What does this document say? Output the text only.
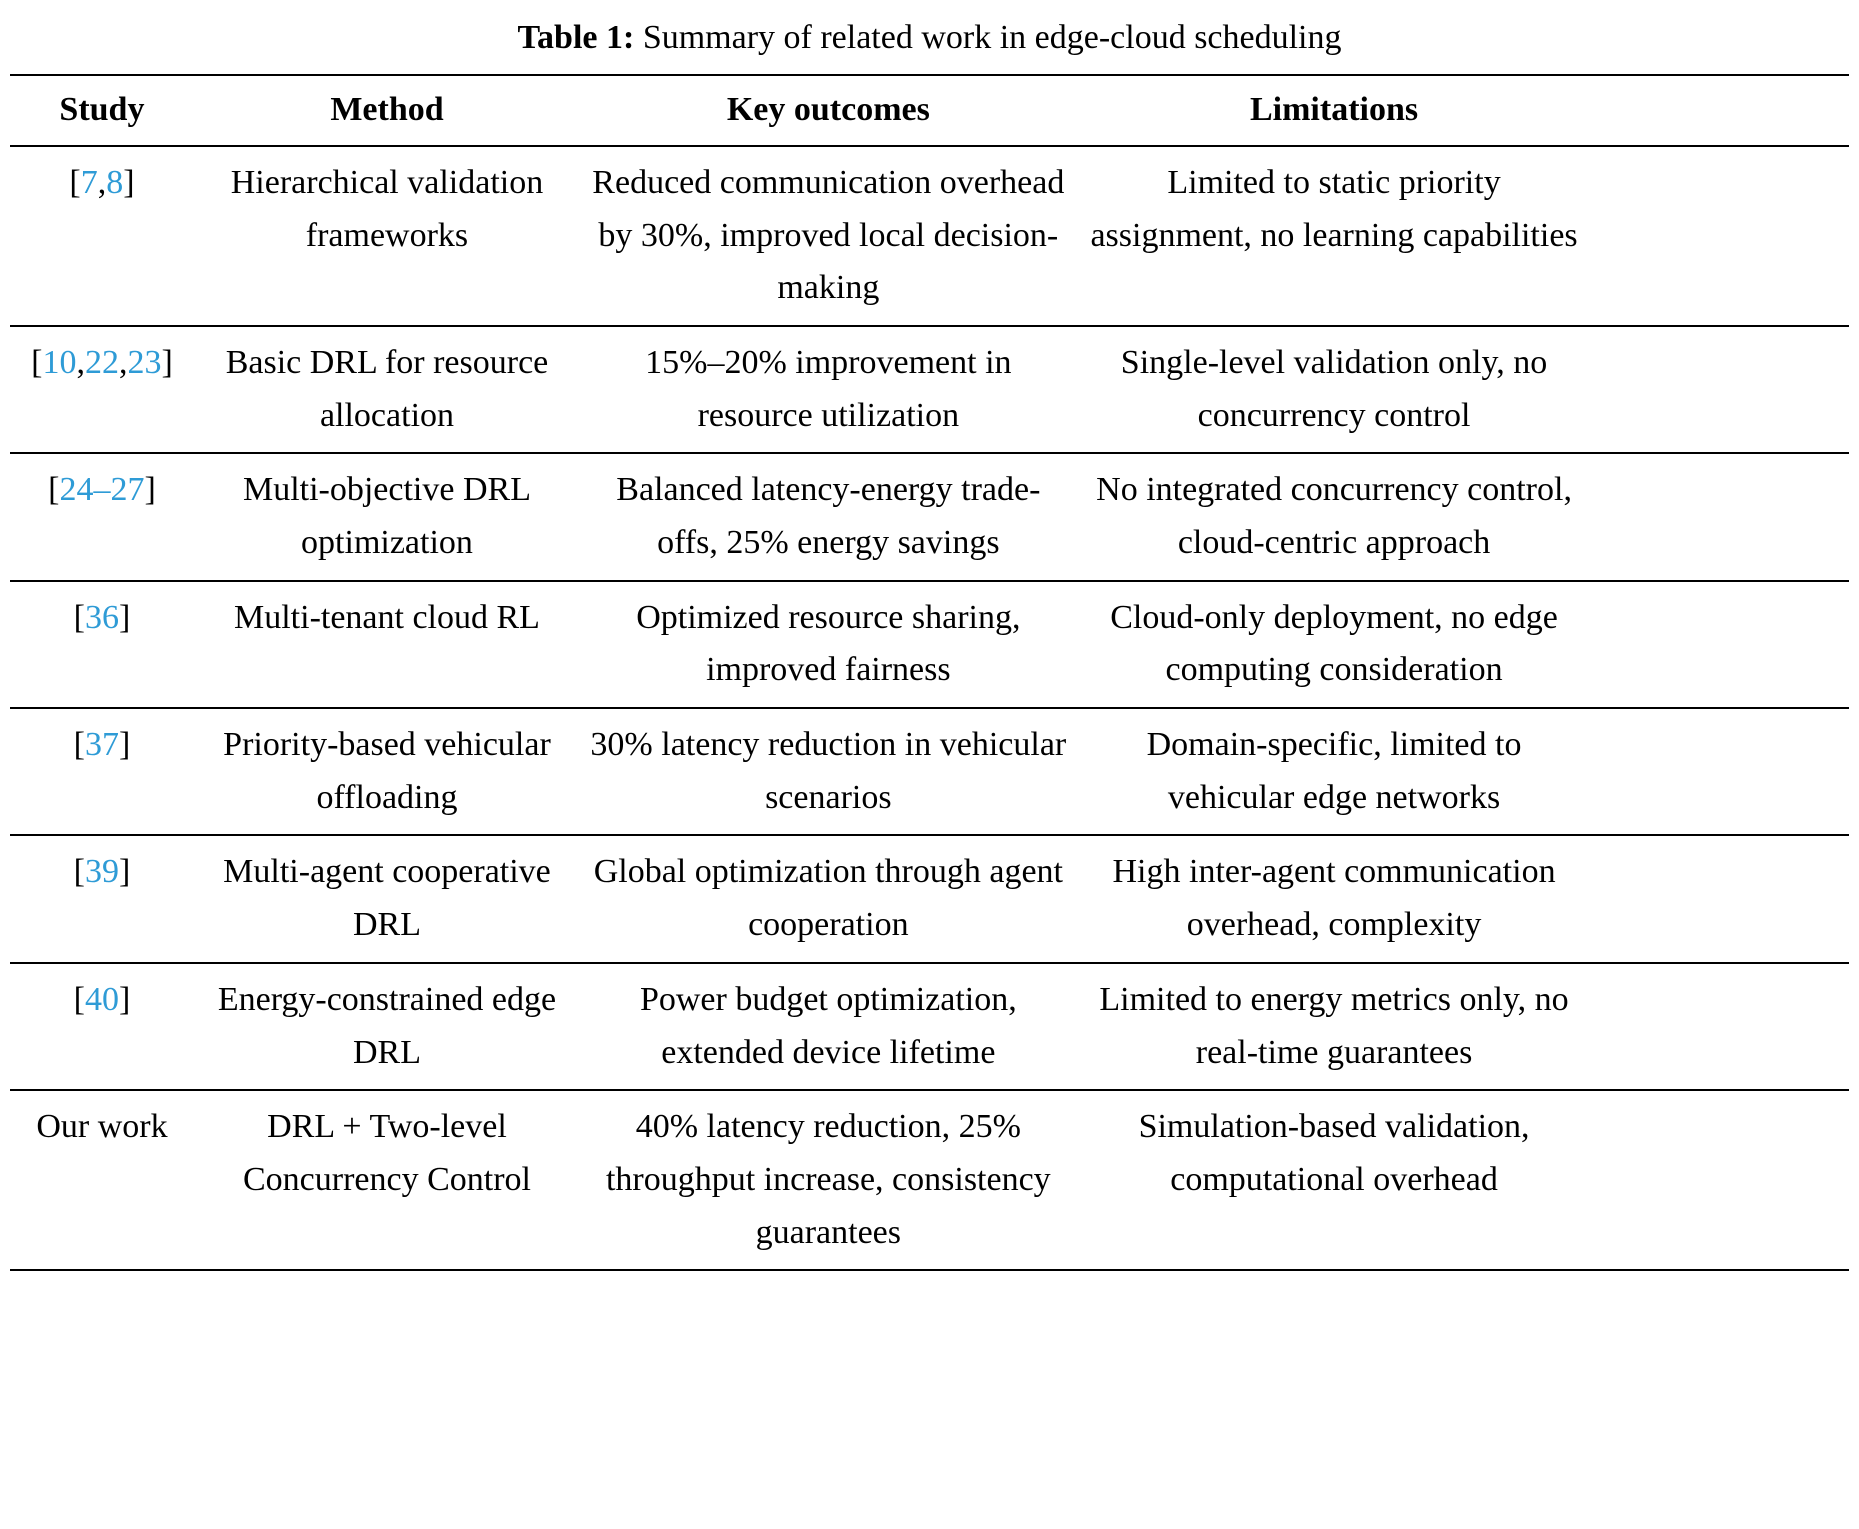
Table 1: Summary of related work in edge-cloud scheduling
Study	Method	Key outcomes	Limitations	
[7,8]	Hierarchical validation frameworks	Reduced communication overhead by 30%, improved local decision-making	Limited to static priority assignment, no learning capabilities	
[10,22,23]	Basic DRL for resource allocation	15%–20% improvement in resource utilization	Single-level validation only, no concurrency control	
[24–27]	Multi-objective DRL optimization	Balanced latency-energy trade-offs, 25% energy savings	No integrated concurrency control, cloud-centric approach	
[36]	Multi-tenant cloud RL	Optimized resource sharing, improved fairness	Cloud-only deployment, no edge computing consideration	
[37]	Priority-based vehicular offloading	30% latency reduction in vehicular scenarios	Domain-specific, limited to vehicular edge networks	
[39]	Multi-agent cooperative DRL	Global optimization through agent cooperation	High inter-agent communication overhead, complexity	
[40]	Energy-constrained edge DRL	Power budget optimization, extended device lifetime	Limited to energy metrics only, no real-time guarantees	
Our work	DRL + Two-level Concurrency Control	40% latency reduction, 25% throughput increase, consistency guarantees	Simulation-based validation, computational overhead	
